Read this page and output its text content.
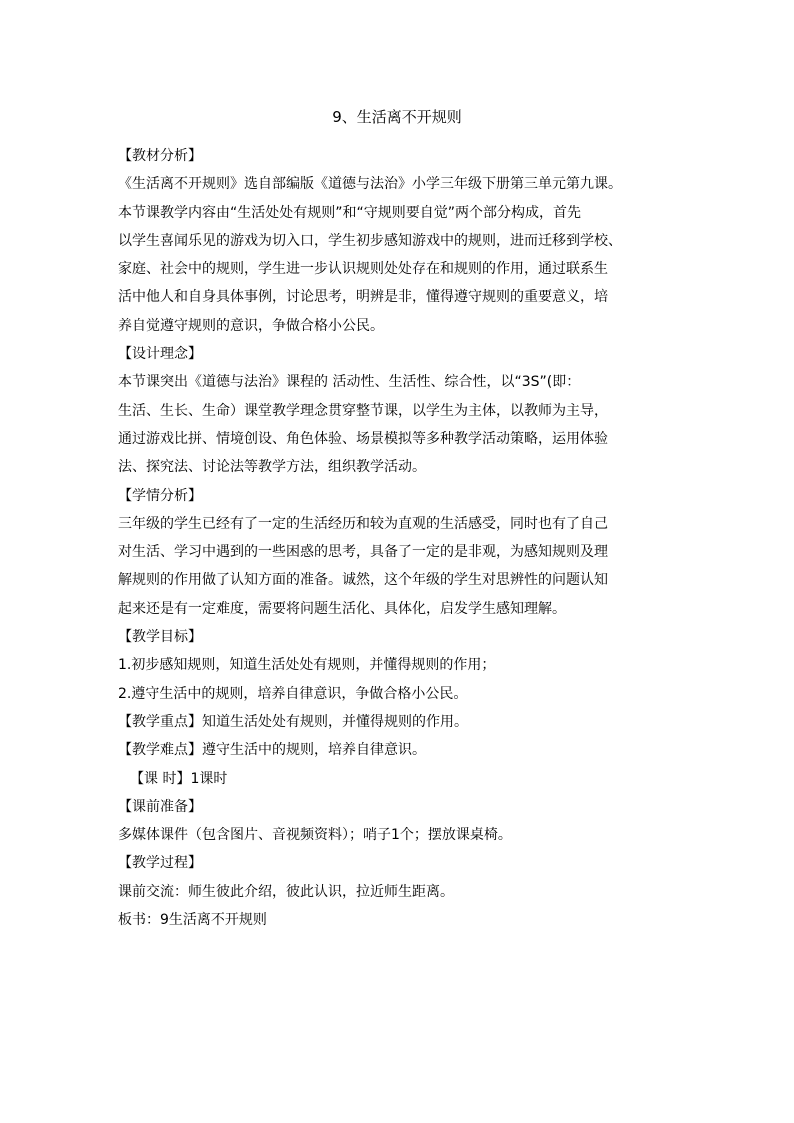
9、生活离不开规则
【教材分析】
《生活离不开规则》选自部编版《道德与法治》小学三年级下册第三单元第九课。
本节课教学内容由“生活处处有规则”和“守规则要自觉”两个部分构成，首先
以学生喜闻乐见的游戏为切入口，学生初步感知游戏中的规则，进而迁移到学校、
家庭、社会中的规则，学生进一步认识规则处处存在和规则的作用，通过联系生
活中他人和自身具体事例，讨论思考，明辨是非，懂得遵守规则的重要意义，培
养自觉遵守规则的意识，争做合格小公民。
【设计理念】
本节课突出《道德与法治》课程的 活动性、生活性、综合性，以“3S”(即：
生活、生长、生命）课堂教学理念贯穿整节课，以学生为主体，以教师为主导，
通过游戏比拼、情境创设、角色体验、场景模拟等多种教学活动策略，运用体验
法、探究法、讨论法等教学方法，组织教学活动。
【学情分析】
三年级的学生已经有了一定的生活经历和较为直观的生活感受，同时也有了自己
对生活、学习中遇到的一些困惑的思考，具备了一定的是非观，为感知规则及理
解规则的作用做了认知方面的准备。诚然，这个年级的学生对思辨性的问题认知
起来还是有一定难度，需要将问题生活化、具体化，启发学生感知理解。
【教学目标】
1.初步感知规则，知道生活处处有规则，并懂得规则的作用；
2.遵守生活中的规则，培养自律意识，争做合格小公民。
【教学重点】知道生活处处有规则，并懂得规则的作用。
【教学难点】遵守生活中的规则，培养自律意识。
【课 时】1课时
【课前准备】
多媒体课件（包含图片、音视频资料）；哨子1个；摆放课桌椅。
【教学过程】
课前交流：师生彼此介绍，彼此认识，拉近师生距离。
板书：9生活离不开规则
